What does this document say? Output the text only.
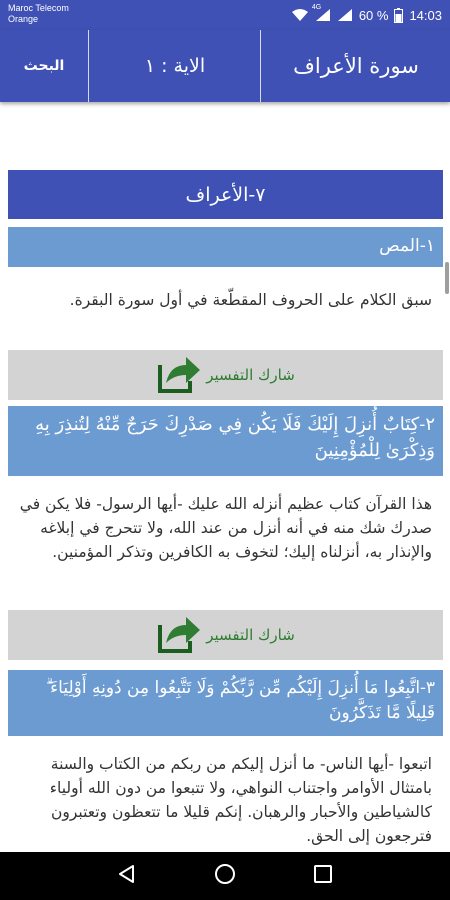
Maroc Telecom
Orange
4G	60 % 14:03
البحث	الاية : ١	سورة الأعراف
٧-الأعراف
١-المص
سبق الكلام على الحروف المقطّعة في أول سورة البقرة.
شارك التفسير
٢-كِتَابٌ أُنزِلَ إِلَيْكَ فَلَا يَكُن فِي صَدْرِكَ حَرَجٌ مِّنْهُ لِتُنذِرَ بِهِ وَذِكْرَىٰ لِلْمُؤْمِنِينَ
هذا القرآن كتاب عظيم أنزله الله عليك -أيها الرسول- فلا يكن في صدرك شك منه في أنه أنزل من عند الله، ولا تتحرج في إبلاغه والإنذار به، أنزلناه إليك؛ لتخوف به الكافرين وتذكر المؤمنين.
شارك التفسير
٣-اتَّبِعُوا مَا أُنزِلَ إِلَيْكُم مِّن رَّبِّكُمْ وَلَا تَتَّبِعُوا مِن دُونِهِ أَوْلِيَاءَ ۗ قَلِيلًا مَّا تَذَكَّرُونَ
اتبعوا -أيها الناس- ما أنزل إليكم من ربكم من الكتاب والسنة بامتثال الأوامر واجتناب النواهي، ولا تتبعوا من دون الله أولياء كالشياطين والأحبار والرهبان. إنكم قليلا ما تتعظون وتعتبرون فترجعون إلى الحق.
